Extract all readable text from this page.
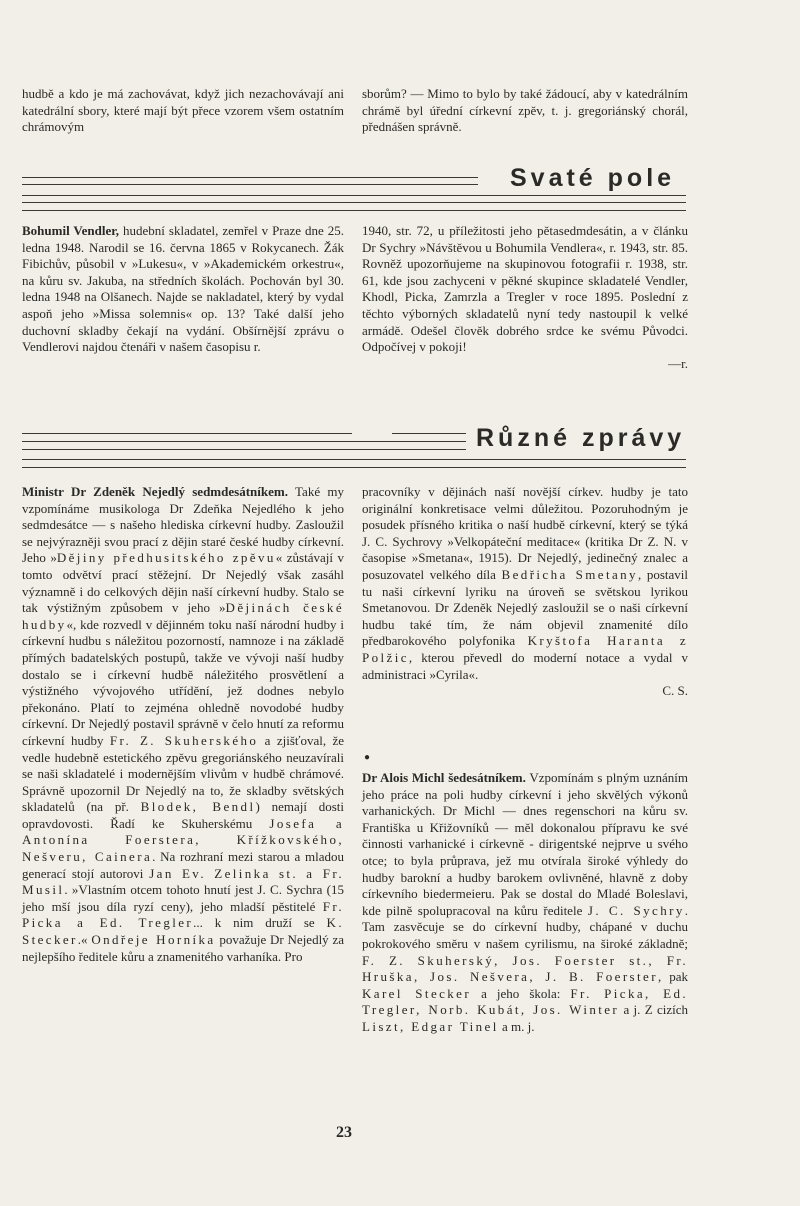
hudbě a kdo je má zachovávat, když jich nezachovávají ani katedrální sbory, které mají být přece vzorem všem ostatním chrámovým

sborům? — Mimo to bylo by také žádoucí, aby v katedrálním chrámě byl úřední církevní zpěv, t. j. gregoriánský chorál, přednášen správně.

Svaté pole

Bohumil Vendler, hudební skladatel, zemřel v Praze dne 25. ledna 1948. Narodil se 16. června 1865 v Rokycanech. Žák Fibichův, působil v »Lukesu«, v »Akademickém orkestru«, na kůru sv. Jakuba, na středních školách. Pochován byl 30. ledna 1948 na Olšanech. Najde se nakladatel, který by vydal aspoň jeho »Missa solemnis« op. 13? Také další jeho duchovní skladby čekají na vydání. Obšírnější zprávu o Vendlerovi najdou čtenáři v našem časopisu r.

1940, str. 72, u příležitosti jeho pětasedmdesátin, a v článku Dr Sychry »Návštěvou u Bohumila Vendlera«, r. 1943, str. 85. Rovněž upozorňujeme na skupinovou fotografii r. 1938, str. 61, kde jsou zachyceni v pěkné skupince skladatelé Vendler, Khodl, Picka, Zamrzla a Tregler v roce 1895. Poslední z těchto výborných skladatelů nyní tedy nastoupil k velké armádě. Odešel člověk dobrého srdce ke svému Původci. Odpočívej v pokoji!

—r.

Různé zprávy

Ministr Dr Zdeněk Nejedlý sedmdesátníkem. Také my vzpomínáme musikologa Dr Zdeňka Nejedlého k jeho sedmdesátce — s našeho hlediska církevní hudby. Zasloužil se nejvýrazněji svou prací z dějin staré české hudby církevní. Jeho »Dějiny předhusitského zpěvu« zůstávají v tomto odvětví prací stěžejní. Dr Nejedlý však zasáhl významně i do celkových dějin naší církevní hudby. Stalo se tak výstižným způsobem v jeho »Dějinách české hudby«, kde rozvedl v dějinném toku naší národní hudby i církevní hudbu s náležitou pozorností, namnoze i na základě přímých badatelských postupů, takže ve vývoji naší hudby dostalo se i církevní hudbě náležitého prosvětlení a výstižného vývojového utřídění, jež dodnes nebylo překonáno. Platí to zejména ohledně novodobé hudby církevní. Dr Nejedlý postavil správně v čelo hnutí za reformu církevní hudby Fr. Z. Skuherského a zjišťoval, že vedle hudebně estetického zpěvu gregoriánského neuzavírali se naši skladatelé i modernějším vlivům v hudbě chrámové. Správně upozornil Dr Nejedlý na to, že skladby světských skladatelů (na př. Blodek, Bendl) nemají dosti opravdovosti. Řadí ke Skuherskému Josefa a Antonína Foerstera, Křížkovského, Nešveru, Cainera. Na rozhraní mezi starou a mladou generací stojí autorovi Jan Ev. Zelinka st. a Fr. Musil. »Vlastním otcem tohoto hnutí jest J. C. Sychra (15 jeho mší jsou díla ryzí ceny), jeho mladší pěstitelé Fr. Picka a Ed. Tregler... k nim druží se K. Stecker.« Ondřeje Horníka považuje Dr Nejedlý za nejlepšího ředitele kůru a znamenitého varhaníka. Pro

pracovníky v dějinách naší novější církev. hudby je tato originální konkretisace velmi důležitou. Pozoruhodným je posudek přísného kritika o naší hudbě církevní, který se týká J. C. Sychrovy »Velkopáteční meditace« (kritika Dr Z. N. v časopise »Smetana«, 1915). Dr Nejedlý, jedinečný znalec a posuzovatel velkého díla Bedřicha Smetany, postavil tu naši církevní lyriku na úroveň se světskou lyrikou Smetanovou. Dr Zdeněk Nejedlý zasloužil se o naši církevní hudbu také tím, že nám objevil znamenité dílo předbarokového polyfonika Kryštofa Haranta z Polžic, kterou převedl do moderní notace a vydal v administraci »Cyrila«.

C. S.

●

Dr Alois Michl šedesátníkem. Vzpomínám s plným uznáním jeho práce na poli hudby církevní i jeho skvělých výkonů varhanických. Dr Michl — dnes regenschori na kůru sv. Františka u Křižovníků — měl dokonalou přípravu ke své činnosti varhanické i církevně - dirigentské nejprve u svého otce; to byla průprava, jež mu otvírala široké výhledy do hudby barokní a hudby barokem ovlivněné, hlavně z doby církevního biedermeieru. Pak se dostal do Mladé Boleslavi, kde pilně spolupracoval na kůru ředitele J. C. Sychry. Tam zasvěcuje se do církevní hudby, chápané v duchu pokrokového směru v našem cyrilismu, na široké základně; F. Z. Skuherský, Jos. Foerster st., Fr. Hruška, Jos. Nešvera, J. B. Foerster, pak Karel Stecker a jeho škola: Fr. Picka, Ed. Tregler, Norb. Kubát, Jos. Winter a j. Z cizích Liszt, Edgar Tinel a m. j.

23
